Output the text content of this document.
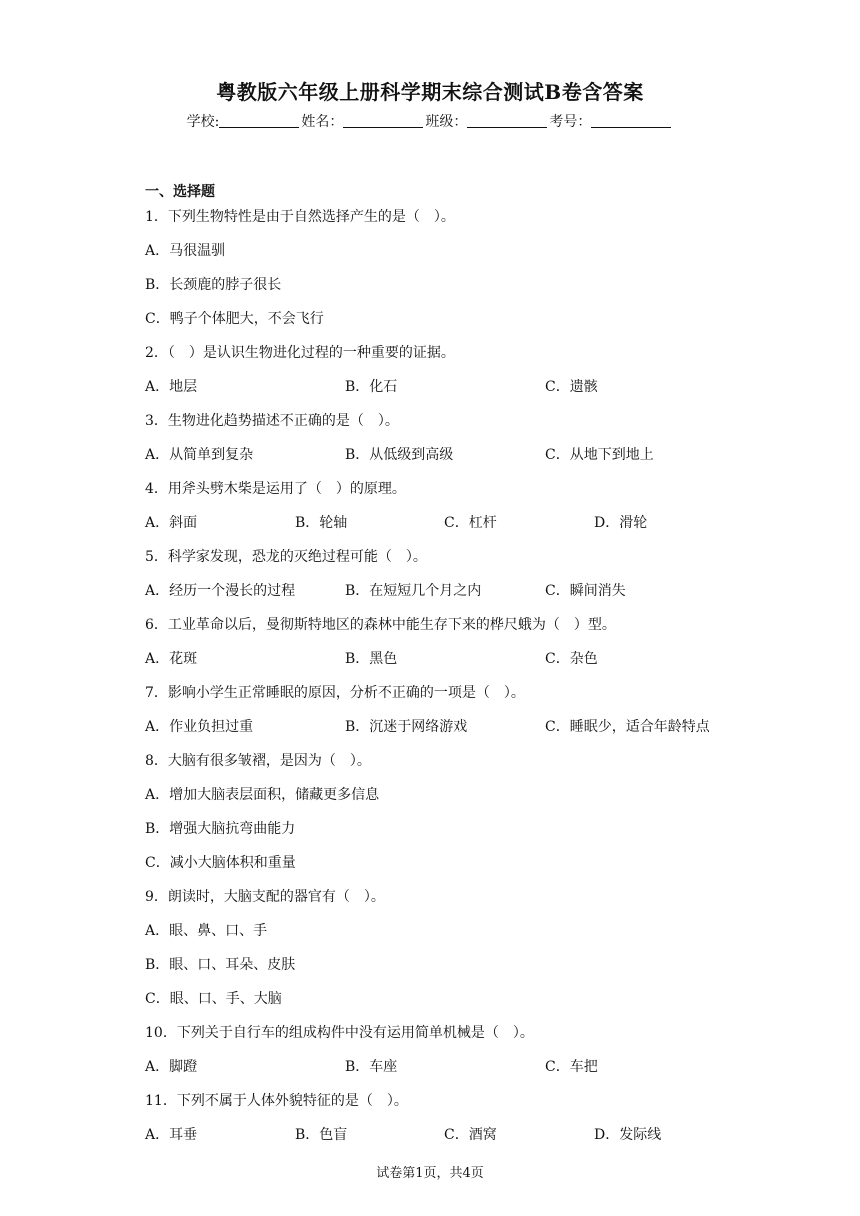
粤教版六年级上册科学期末综合测试B卷含答案
学校:	姓名：	班级：	考号：
一、选择题
1．下列生物特性是由于自然选择产生的是（　）。
A．马很温驯
B．长颈鹿的脖子很长
C．鸭子个体肥大，不会飞行
2．（　）是认识生物进化过程的一种重要的证据。
A．地层	B．化石	C．遗骸
3．生物进化趋势描述不正确的是（　）。
A．从简单到复杂	B．从低级到高级	C．从地下到地上
4．用斧头劈木柴是运用了（　）的原理。
A．斜面	B．轮轴	C．杠杆	D．滑轮
5．科学家发现，恐龙的灭绝过程可能（　）。
A．经历一个漫长的过程	B．在短短几个月之内	C．瞬间消失
6．工业革命以后，曼彻斯特地区的森林中能生存下来的桦尺蛾为（　）型。
A．花斑	B．黑色	C．杂色
7．影响小学生正常睡眠的原因，分析不正确的一项是（　）。
A．作业负担过重	B．沉迷于网络游戏	C．睡眠少，适合年龄特点
8．大脑有很多皱褶，是因为（　）。
A．增加大脑表层面积，储藏更多信息
B．增强大脑抗弯曲能力
C．减小大脑体积和重量
9．朗读时，大脑支配的器官有（　）。
A．眼、鼻、口、手
B．眼、口、耳朵、皮肤
C．眼、口、手、大脑
10．下列关于自行车的组成构件中没有运用简单机械是（　）。
A．脚蹬	B．车座	C．车把
11．下列不属于人体外貌特征的是（　）。
A．耳垂	B．色盲	C．酒窝	D．发际线
试卷第1页，共4页
